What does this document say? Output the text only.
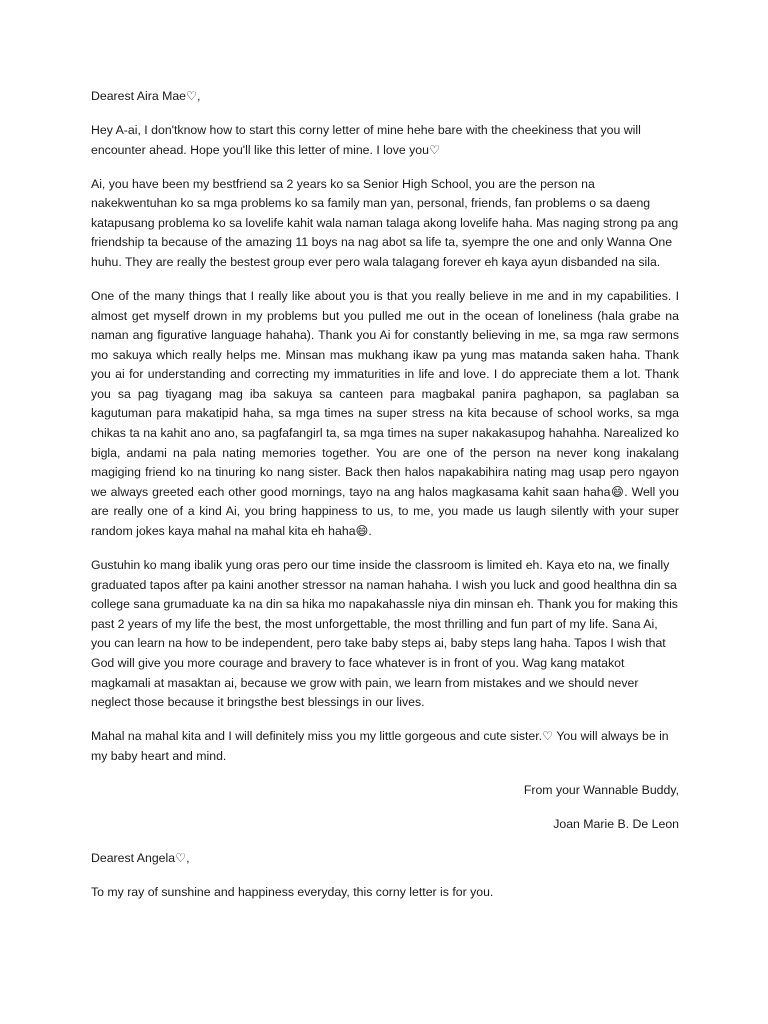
Dearest Aira Mae♡,

Hey A-ai, I don'tknow how to start this corny letter of mine hehe bare with the cheekiness that you will encounter ahead. Hope you'll like this letter of mine. I love you♡

Ai, you have been my bestfriend sa 2 years ko sa Senior High School, you are the person na nakekwentuhan ko sa mga problems ko sa family man yan, personal, friends, fan problems o sa daeng katapusang problema ko sa lovelife kahit wala naman talaga akong lovelife haha. Mas naging strong pa ang friendship ta because of the amazing 11 boys na nag abot sa life ta, syempre the one and only Wanna One huhu. They are really the bestest group ever pero wala talagang forever eh kaya ayun disbanded na sila.

One of the many things that I really like about you is that you really believe in me and in my capabilities. I almost get myself drown in my problems but you pulled me out in the ocean of loneliness (hala grabe na naman ang figurative language hahaha). Thank you Ai for constantly believing in me, sa mga raw sermons mo sakuya which really helps me. Minsan mas mukhang ikaw pa yung mas matanda saken haha. Thank you ai for understanding and correcting my immaturities in life and love. I do appreciate them a lot. Thank you sa pag tiyagang mag iba sakuya sa canteen para magbakal panira paghapon, sa paglaban sa kagutuman para makatipid haha, sa mga times na super stress na kita because of school works, sa mga chikas ta na kahit ano ano, sa pagfafangirl ta, sa mga times na super nakakasupog hahahha. Narealized ko bigla, andami na pala nating memories together. You are one of the person na never kong inakalang magiging friend ko na tinuring ko nang sister. Back then halos napakabihira nating mag usap pero ngayon we always greeted each other good mornings, tayo na ang halos magkasama kahit saan hahа😄. Well you are really one of a kind Ai, you bring happiness to us, to me, you made us laugh silently with your super random jokes kaya mahal na mahal kita eh hahа😄.

Gustuhin ko mang ibalik yung oras pero our time inside the classroom is limited eh. Kaya eto na, we finally graduated tapos after pa kaini another stressor na naman hahaha. I wish you luck and good healthna din sa college sana grumaduate ka na din sa hika mo napakahassle niya din minsan eh. Thank you for making this past 2 years of my life the best, the most unforgettable, the most thrilling and fun part of my life. Sana Ai, you can learn na how to be independent, pero take baby steps ai, baby steps lang haha. Tapos I wish that God will give you more courage and bravery to face whatever is in front of you. Wag kang matakot magkamali at masaktan ai, because we grow with pain, we learn from mistakes and we should never neglect those because it bringsthe best blessings in our lives.

Mahal na mahal kita and I will definitely miss you my little gorgeous and cute sister.♡ You will always be in my baby heart and mind.

From your Wannable Buddy,

Joan Marie B. De Leon

Dearest Angela♡,

To my ray of sunshine and happiness everyday, this corny letter is for you.
